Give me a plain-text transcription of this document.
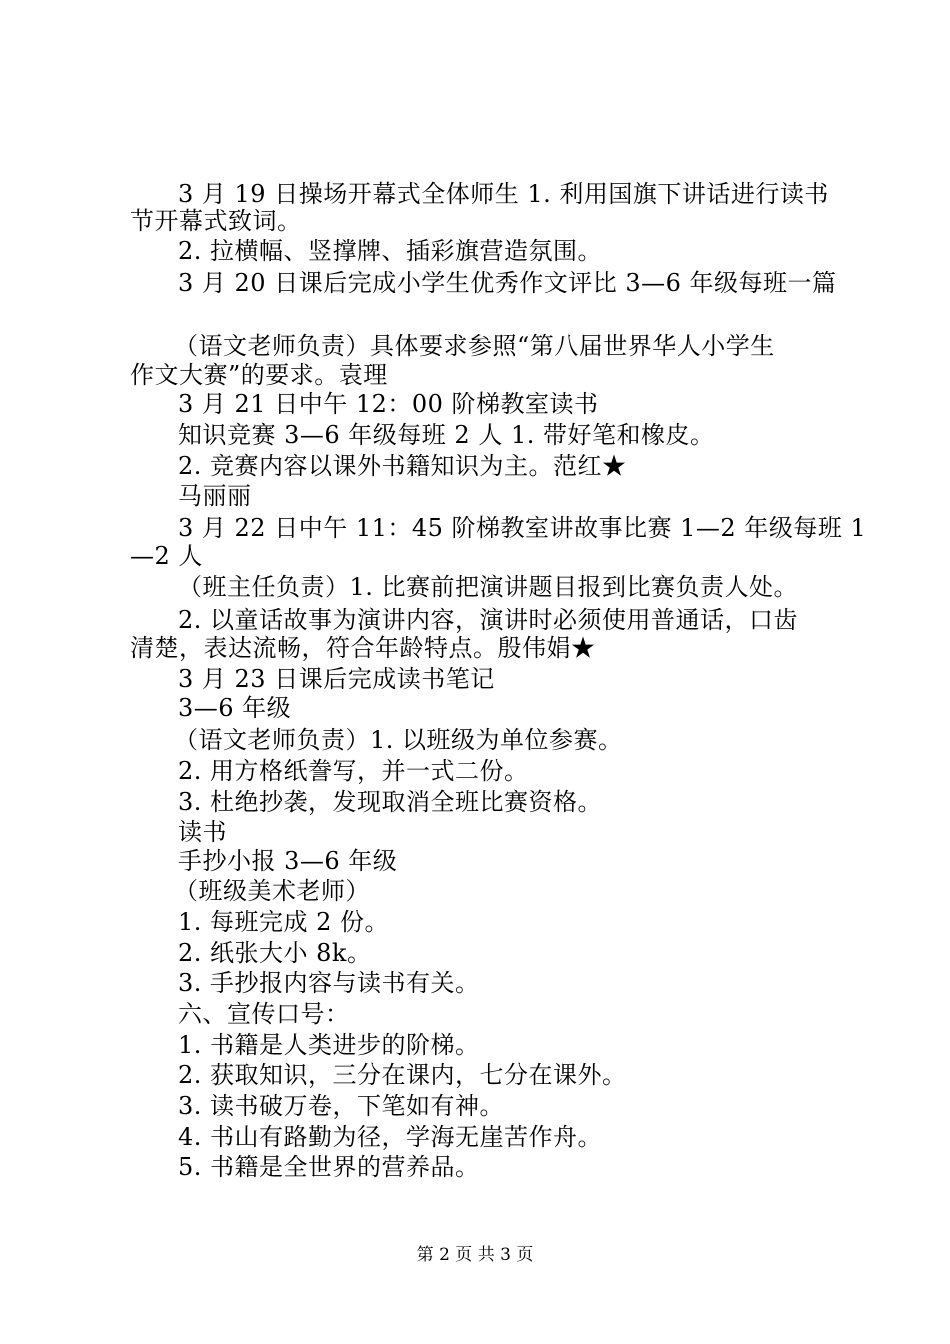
3 月 19 日操场开幕式全体师生 1. 利用国旗下讲话进行读书
节开幕式致词。
2. 拉横幅、竖撑牌、插彩旗营造氛围。
3 月 20 日课后完成小学生优秀作文评比 3—6 年级每班一篇
（语文老师负责）具体要求参照“第八届世界华人小学生
作文大赛”的要求。袁理
3 月 21 日中午 12：00 阶梯教室读书
知识竞赛 3—6 年级每班 2 人 1. 带好笔和橡皮。
2. 竞赛内容以课外书籍知识为主。范红★
马丽丽
3 月 22 日中午 11：45 阶梯教室讲故事比赛 1—2 年级每班 1
—2 人
（班主任负责）1. 比赛前把演讲题目报到比赛负责人处。
2. 以童话故事为演讲内容，演讲时必须使用普通话，口齿
清楚，表达流畅，符合年龄特点。殷伟娟★
3 月 23 日课后完成读书笔记
3—6 年级
（语文老师负责）1. 以班级为单位参赛。
2. 用方格纸誊写，并一式二份。
3. 杜绝抄袭，发现取消全班比赛资格。
读书
手抄小报 3—6 年级
（班级美术老师）
1. 每班完成 2 份。
2. 纸张大小 8k。
3. 手抄报内容与读书有关。
六、宣传口号：
1. 书籍是人类进步的阶梯。
2. 获取知识，三分在课内，七分在课外。
3. 读书破万卷，下笔如有神。
4. 书山有路勤为径，学海无崖苦作舟。
5. 书籍是全世界的营养品。
第 2 页 共 3 页
